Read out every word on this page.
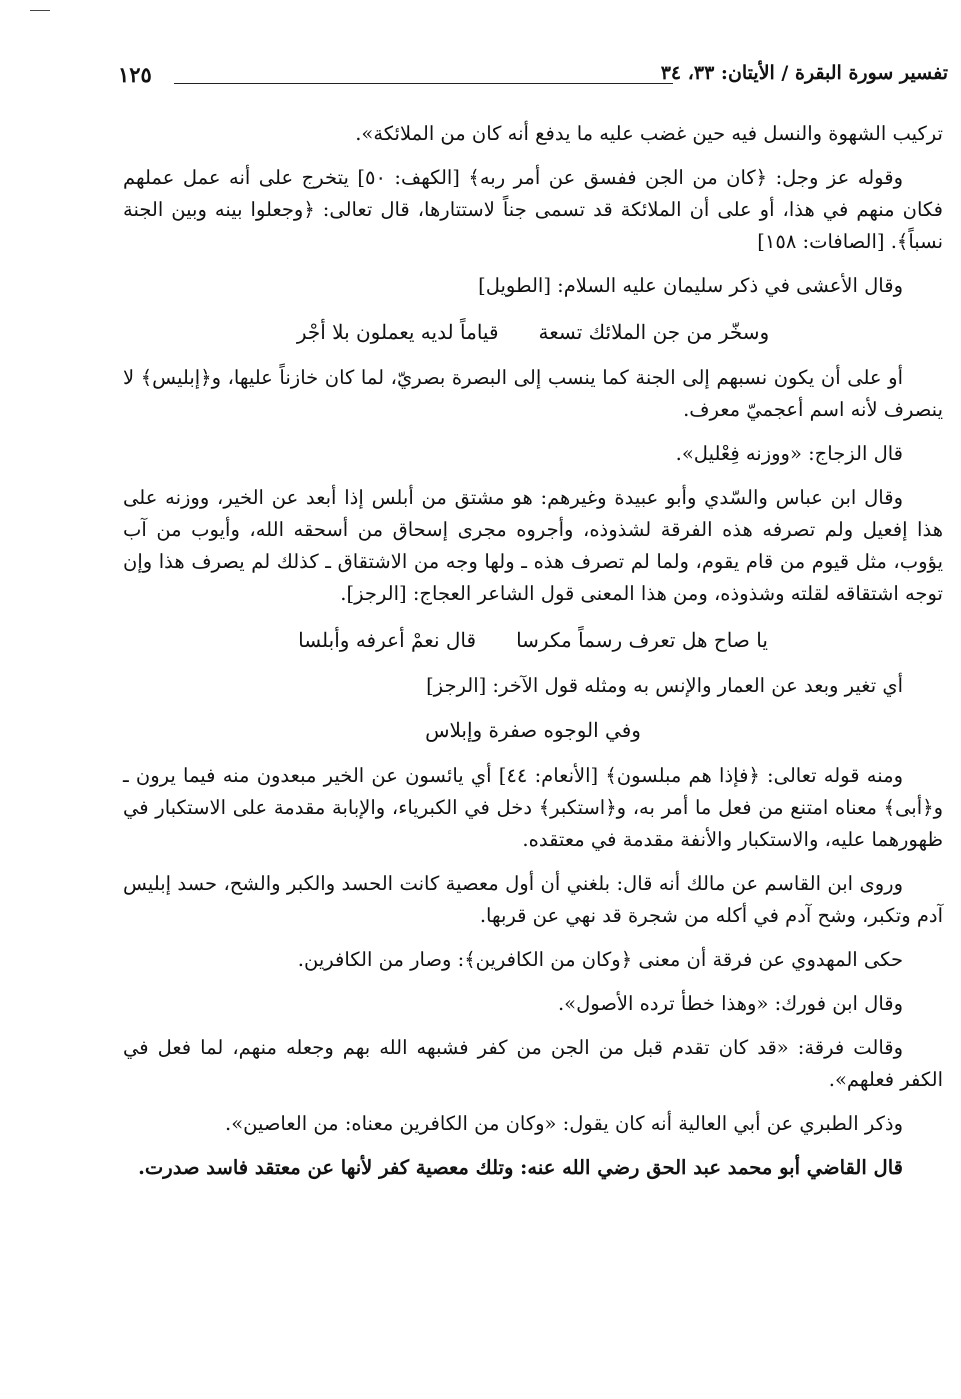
تفسير سورة البقرة / الأيتان: ٣٣، ٣٤
١٢٥

تركيب الشهوة والنسل فيه حين غضب عليه ما يدفع أنه كان من الملائكة».

وقوله عز وجل: ﴿كان من الجن ففسق عن أمر ربه﴾ [الكهف: ٥٠] يتخرج على أنه عمل عملهم فكان منهم في هذا، أو على أن الملائكة قد تسمى جناً لاستتارها، قال تعالى: ﴿وجعلوا بينه وبين الجنة نسباً﴾. [الصافات: ١٥٨]

وقال الأعشى في ذكر سليمان عليه السلام: [الطويل]

وسخّر من جن الملائك تسعة
قياماً لديه يعملون بلا أجْر

أو على أن يكون نسبهم إلى الجنة كما ينسب إلى البصرة بصريّ، لما كان خازناً عليها، و﴿إبليس﴾ لا ينصرف لأنه اسم أعجميّ معرف.

قال الزجاج: «ووزنه فِعْليل».

وقال ابن عباس والسّدي وأبو عبيدة وغيرهم: هو مشتق من أبلس إذا أبعد عن الخير، ووزنه على هذا إفعيل ولم تصرفه هذه الفرقة لشذوذه، وأجروه مجرى إسحاق من أسحقه الله، وأيوب من آب يؤوب، مثل قيوم من قام يقوم، ولما لم تصرف هذه ـ ولها وجه من الاشتقاق ـ كذلك لم يصرف هذا وإن توجه اشتقاقه لقلته وشذوذه، ومن هذا المعنى قول الشاعر العجاج: [الرجز].

يا صاح هل تعرف رسماً مكرسا
قال نعمْ أعرفه وأبلسا

أي تغير وبعد عن العمار والإنس به ومثله قول الآخر: [الرجز]

وفي الوجوه صفرة وإبلاس

ومنه قوله تعالى: ﴿فإذا هم مبلسون﴾ [الأنعام: ٤٤] أي يائسون عن الخير مبعدون منه فيما يرون ـ و﴿أبى﴾ معناه امتنع من فعل ما أمر به، و﴿استكبر﴾ دخل في الكبرياء، والإبابة مقدمة على الاستكبار في ظهورهما عليه، والاستكبار والأنفة مقدمة في معتقده.

وروى ابن القاسم عن مالك أنه قال: بلغني أن أول معصية كانت الحسد والكبر والشح، حسد إبليس آدم وتكبر، وشح آدم في أكله من شجرة قد نهي عن قربها.

حكى المهدوي عن فرقة أن معنى ﴿وكان من الكافرين﴾: وصار من الكافرين.

وقال ابن فورك: «وهذا خطأ ترده الأصول».

وقالت فرقة: «قد كان تقدم قبل من الجن من كفر فشبهه الله بهم وجعله منهم، لما فعل في الكفر فعلهم».

وذكر الطبري عن أبي العالية أنه كان يقول: «وكان من الكافرين معناه: من العاصين».

قال القاضي أبو محمد عبد الحق رضي الله عنه: وتلك معصية كفر لأنها عن معتقد فاسد صدرت.
